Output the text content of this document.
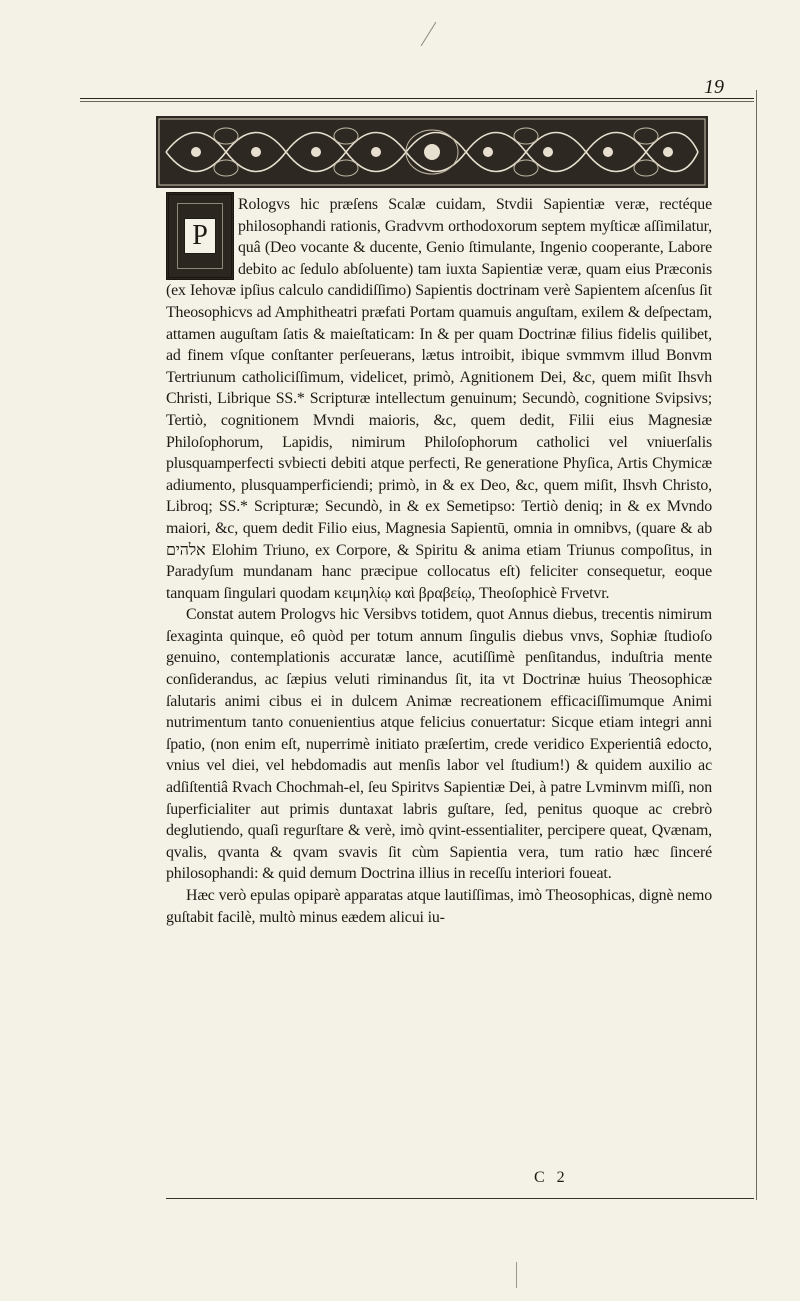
19
P

Rologvs hic præſens Scalæ cuidam, Stvdii Sapientiæ veræ, rectéque philosophandi rationis, Gradvvm orthodoxorum septem myſticæ aſſimilatur, quâ (Deo vocante & ducente, Genio ſtimulante, Ingenio cooperante, Labore debito ac ſedulo abſoluente) tam iuxta Sapientiæ veræ, quam eius Præconis (ex Iehovæ ipſius calculo candidiſſimo) Sapientis doctrinam verè Sapientem aſcenſus ſit Theosophicvs ad Amphitheatri præfati Portam quamuis anguſtam, exilem & deſpectam, attamen auguſtam ſatis & maieſtaticam: In & per quam Doctrinæ filius fidelis quilibet, ad finem vſque conſtanter perſeuerans, lætus introibit, ibique svmmvm illud Bonvm Tertriunum catholiciſſimum, videlicet, primò, Agnitionem Dei, &c, quem miſit Ihsvh Christi, Librique SS.* Scripturæ intellectum genuinum; Secundò, cognitione Svipsivs; Tertiò, cognitionem Mvndi maioris, &c, quem dedit, Filii eius Magnesiæ Philoſophorum, Lapidis, nimirum Philoſophorum catholici vel vniuerſalis plusquamperfecti svbiecti debiti atque perfecti, Re generatione Phyſica, Artis Chymicæ adiumento, plusquamperficiendi; primò, in & ex Deo, &c, quem miſit, Ihsvh Christo, Libroq; SS.* Scripturæ; Secundò, in & ex Semetipso: Tertiò deniq; in & ex Mvndo maiori, &c, quem dedit Filio eius, Magnesia Sapientū, omnia in omnibvs, (quare & ab אלהים Elohim Triuno, ex Corpore, & Spiritu & anima etiam Triunus compoſitus, in Paradyſum mundanam hanc præcipue collocatus eſt) feliciter consequetur, eoque tanquam ſingulari quodam κειμηλίῳ καὶ βραβείῳ, Theoſophicè Frvetvr.

Constat autem Prologvs hic Versibvs totidem, quot Annus diebus, trecentis nimirum ſexaginta quinque, eô quòd per totum annum ſingulis diebus vnvs, Sophiæ ſtudioſo genuino, contemplationis accuratæ lance, acutiſſimè penſitandus, induſtria mente conſiderandus, ac ſæpius veluti riminandus ſit, ita vt Doctrinæ huius Theosophicæ ſalutaris animi cibus ei in dulcem Animæ recreationem efficaciſſimumque Animi nutrimentum tanto conuenientius atque felicius conuertatur: Sicque etiam integri anni ſpatio, (non enim eſt, nuperrimè initiato præſertim, crede veridico Experientiâ edocto, vnius vel diei, vel hebdomadis aut menſis labor vel ſtudium!) & quidem auxilio ac adſiſtentiâ Rvach Chochmah-el, ſeu Spiritvs Sapientiæ Dei, à patre Lvminvm miſſi, non ſuperficialiter aut primis duntaxat labris guſtare, ſed, penitus quoque ac crebrò deglutiendo, quaſi regurſtare & verè, imò qvint-essentialiter, percipere queat, Qvænam, qvalis, qvanta & qvam svavis ſit cùm Sapientia vera, tum ratio hæc ſinceré philosophandi: & quid demum Doctrina illius in receſſu interiori foueat.

Hæc verò epulas opiparè apparatas atque lautiſſimas, imò Theosophicas, dignè nemo guſtabit facilè, multò minus eædem alicui iu-

C 2
